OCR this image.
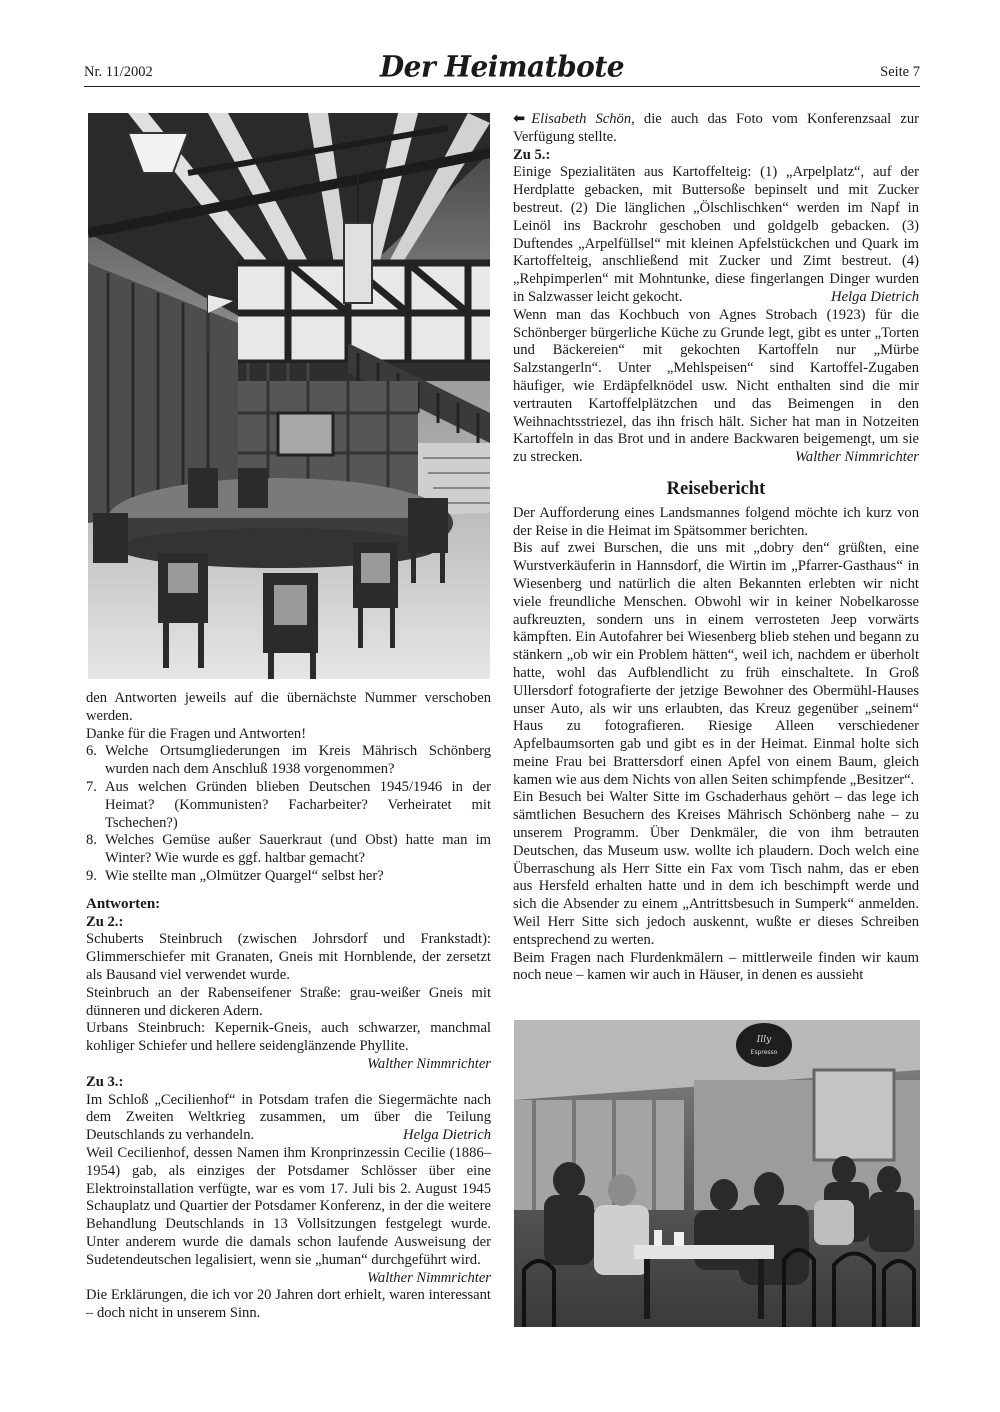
Nr. 11/2002	Der Heimatbote	Seite 7

den Antworten jeweils auf die übernächste Nummer verschoben werden.

Danke für die Fragen und Antworten!

6. Welche Ortsumgliederungen im Kreis Mährisch Schönberg wurden nach dem Anschluß 1938 vorgenommen?
7. Aus welchen Gründen blieben Deutschen 1945/1946 in der Heimat? (Kommunisten? Facharbeiter? Verheiratet mit Tschechen?)
8. Welches Gemüse außer Sauerkraut (und Obst) hatte man im Winter? Wie wurde es ggf. haltbar gemacht?
9. Wie stellte man „Olmützer Quargel“ selbst her?

Antworten:

Zu 2.:

Schuberts Steinbruch (zwischen Johrsdorf und Frankstadt): Glimmerschiefer mit Granaten, Gneis mit Hornblende, der zersetzt als Bausand viel verwendet wurde.

Steinbruch an der Rabenseifener Straße: grau-weißer Gneis mit dünneren und dickeren Adern.

Urbans Steinbruch: Kepernik-Gneis, auch schwarzer, manchmal kohliger Schiefer und hellere seidenglänzende Phyllite.

Walther Nimmrichter

Zu 3.:

Im Schloß „Cecilienhof“ in Potsdam trafen die Siegermächte nach dem Zweiten Weltkrieg zusammen, um über die Teilung Deutschlands zu verhandeln.	Helga Dietrich

Weil Cecilienhof, dessen Namen ihm Kronprinzessin Cecilie (1886–1954) gab, als einziges der Potsdamer Schlösser über eine Elektroinstallation verfügte, war es vom 17. Juli bis 2. August 1945 Schauplatz und Quartier der Potsdamer Konferenz, in der die weitere Behandlung Deutschlands in 13 Vollsitzungen festgelegt wurde. Unter anderem wurde die damals schon laufende Ausweisung der Sudetendeutschen legalisiert, wenn sie „human“ durchgeführt wird.
Walther Nimmrichter

Die Erklärungen, die ich vor 20 Jahren dort erhielt, waren interessant – doch nicht in unserem Sinn.

⬅ Elisabeth Schön, die auch das Foto vom Konferenzsaal zur Verfügung stellte.

Zu 5.:

Einige Spezialitäten aus Kartoffelteig: (1) „Arpelplatz“, auf der Herdplatte gebacken, mit Buttersoße bepinselt und mit Zucker bestreut. (2) Die länglichen „Ölschlischken“ werden im Napf in Leinöl ins Backrohr geschoben und goldgelb gebacken. (3) Duftendes „Arpelfüllsel“ mit kleinen Apfelstückchen und Quark im Kartoffelteig, anschließend mit Zucker und Zimt bestreut. (4) „Rehpimperlen“ mit Mohntunke, diese fingerlangen Dinger wurden in Salzwasser leicht gekocht.	Helga Dietrich

Wenn man das Kochbuch von Agnes Strobach (1923) für die Schönberger bürgerliche Küche zu Grunde legt, gibt es unter „Torten und Bäckereien“ mit gekochten Kartoffeln nur „Mürbe Salzstangerln“. Unter „Mehlspeisen“ sind Kartoffel-Zugaben häufiger, wie Erdäpfelknödel usw. Nicht enthalten sind die mir vertrauten Kartoffelplätzchen und das Beimengen in den Weihnachtsstriezel, das ihn frisch hält. Sicher hat man in Notzeiten Kartoffeln in das Brot und in andere Backwaren beigemengt, um sie zu strecken.	Walther Nimmrichter

Reisebericht

Der Aufforderung eines Landsmannes folgend möchte ich kurz von der Reise in die Heimat im Spätsommer berichten.

Bis auf zwei Burschen, die uns mit „dobry den“ grüßten, eine Wurstverkäuferin in Hannsdorf, die Wirtin im „Pfarrer-Gasthaus“ in Wiesenberg und natürlich die alten Bekannten erlebten wir nicht viele freundliche Menschen. Obwohl wir in keiner Nobelkarosse aufkreuzten, sondern uns in einem verrosteten Jeep vorwärts kämpften. Ein Autofahrer bei Wiesenberg blieb stehen und begann zu stänkern „ob wir ein Problem hätten“, weil ich, nachdem er überholt hatte, wohl das Aufblendlicht zu früh einschaltete. In Groß Ullersdorf fotografierte der jetzige Bewohner des Obermühl-Hauses unser Auto, als wir uns erlaubten, das Kreuz gegenüber „seinem“ Haus zu fotografieren. Riesige Alleen verschiedener Apfelbaumsorten gab und gibt es in der Heimat. Einmal holte sich meine Frau bei Brattersdorf einen Apfel von einem Baum, gleich kamen wie aus dem Nichts von allen Seiten schimpfende „Besitzer“.

Ein Besuch bei Walter Sitte im Gschaderhaus gehört – das lege ich sämtlichen Besuchern des Kreises Mährisch Schönberg nahe – zu unserem Programm. Über Denkmäler, die von ihm betrauten Deutschen, das Museum usw. wollte ich plaudern. Doch welch eine Überraschung als Herr Sitte ein Fax vom Tisch nahm, das er eben aus Hersfeld erhalten hatte und in dem ich beschimpft werde und sich die Absender zu einem „Antrittsbesuch in Sumperk“ anmelden. Weil Herr Sitte sich jedoch auskennt, wußte er dieses Schreiben entsprechend zu werten.

Beim Fragen nach Flurdenkmälern – mittlerweile finden wir kaum noch neue – kamen wir auch in Häuser, in denen es aussieht

Illy
Espresso
